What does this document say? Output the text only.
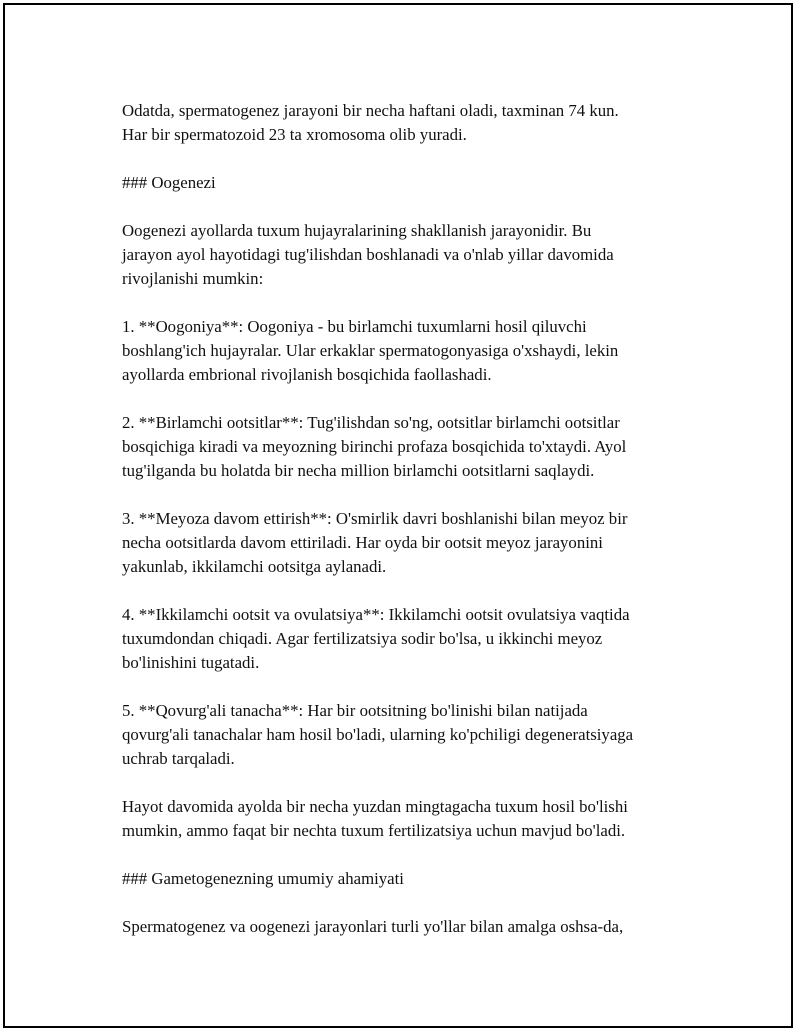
Odatda, spermatogenez jarayoni bir necha haftani oladi, taxminan 74 kun.
Har bir spermatozoid 23 ta xromosoma olib yuradi.

### Oogenezi

Oogenezi ayollarda tuxum hujayralarining shakllanish jarayonidir. Bu
jarayon ayol hayotidagi tug'ilishdan boshlanadi va o'nlab yillar davomida
rivojlanishi mumkin:

1. **Oogoniya**: Oogoniya - bu birlamchi tuxumlarni hosil qiluvchi
boshlang'ich hujayralar. Ular erkaklar spermatogonyasiga o'xshaydi, lekin
ayollarda embrional rivojlanish bosqichida faollashadi.

2. **Birlamchi ootsitlar**: Tug'ilishdan so'ng, ootsitlar birlamchi ootsitlar
bosqichiga kiradi va meyozning birinchi profaza bosqichida to'xtaydi. Ayol
tug'ilganda bu holatda bir necha million birlamchi ootsitlarni saqlaydi.

3. **Meyoza davom ettirish**: O'smirlik davri boshlanishi bilan meyoz bir
necha ootsitlarda davom ettiriladi. Har oyda bir ootsit meyoz jarayonini
yakunlab, ikkilamchi ootsitga aylanadi.

4. **Ikkilamchi ootsit va ovulatsiya**: Ikkilamchi ootsit ovulatsiya vaqtida
tuxumdondan chiqadi. Agar fertilizatsiya sodir bo'lsa, u ikkinchi meyoz
bo'linishini tugatadi.

5. **Qovurg'ali tanacha**: Har bir ootsitning bo'linishi bilan natijada
qovurg'ali tanachalar ham hosil bo'ladi, ularning ko'pchiligi degeneratsiyaga
uchrab tarqaladi.

Hayot davomida ayolda bir necha yuzdan mingtagacha tuxum hosil bo'lishi
mumkin, ammo faqat bir nechta tuxum fertilizatsiya uchun mavjud bo'ladi.

### Gametogenezning umumiy ahamiyati

Spermatogenez va oogenezi jarayonlari turli yo'llar bilan amalga oshsa-da,
